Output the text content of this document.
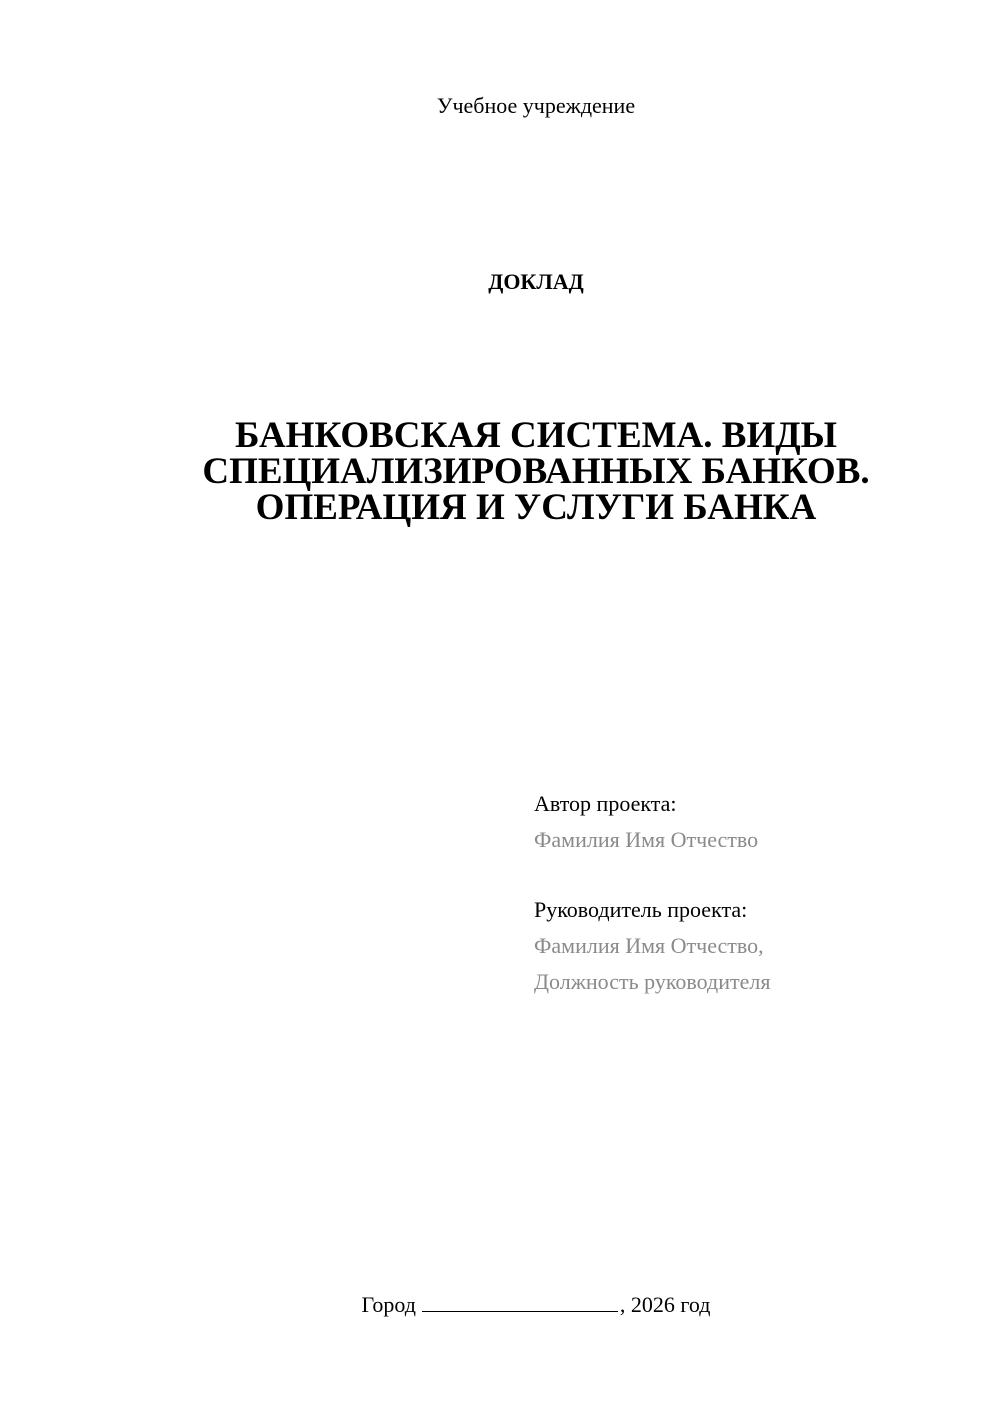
Учебное учреждение
ДОКЛАД
БАНКОВСКАЯ СИСТЕМА. ВИДЫ
СПЕЦИАЛИЗИРОВАННЫХ БАНКОВ.
ОПЕРАЦИЯ И УСЛУГИ БАНКА
Автор проекта:
Фамилия Имя Отчество
Руководитель проекта:
Фамилия Имя Отчество,
Должность руководителя
Город	, 2026 год
